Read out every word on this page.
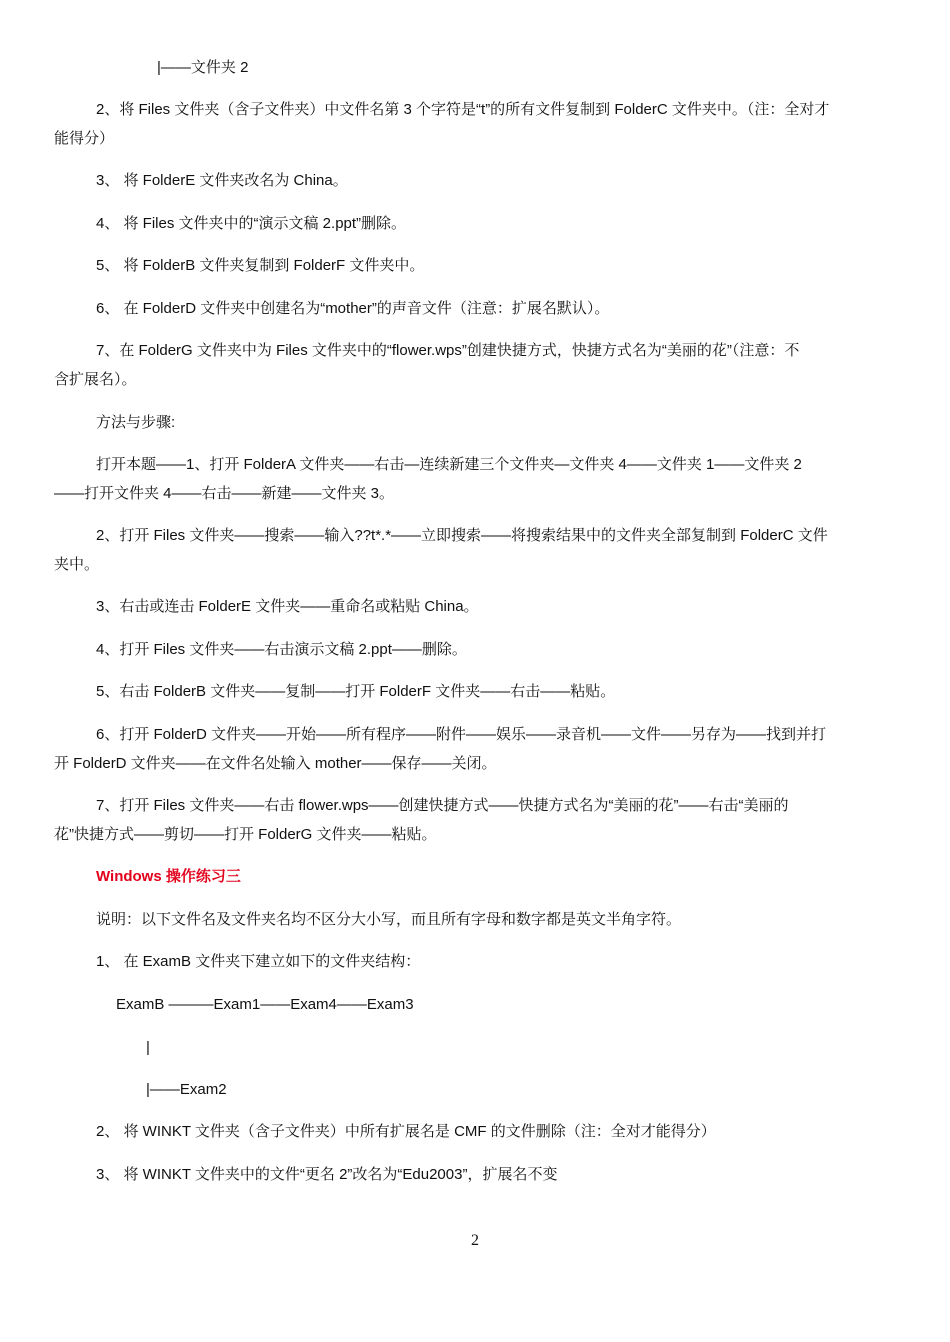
|——文件夹 2
2、将 Files 文件夹（含子文件夹）中文件名第 3 个字符是“t”的所有文件复制到 FolderC 文件夹中。（注：全对才
能得分）
3、 将 FolderE 文件夹改名为 China。
4、 将 Files 文件夹中的“演示文稿 2.ppt”删除。
5、 将 FolderB 文件夹复制到 FolderF 文件夹中。
6、 在 FolderD 文件夹中创建名为“mother”的声音文件（注意：扩展名默认）。
7、在 FolderG 文件夹中为 Files 文件夹中的“flower.wps”创建快捷方式，快捷方式名为“美丽的花”（注意：不
含扩展名）。
方法与步骤:
打开本题——1、打开 FolderA 文件夹——右击—连续新建三个文件夹—文件夹 4——文件夹 1——文件夹 2
——打开文件夹 4——右击——新建——文件夹 3。
2、打开 Files 文件夹——搜索——输入??t*.*——立即搜索——将搜索结果中的文件夹全部复制到 FolderC 文件
夹中。
3、右击或连击 FolderE 文件夹——重命名或粘贴 China。
4、打开 Files 文件夹——右击演示文稿 2.ppt——删除。
5、右击 FolderB 文件夹——复制——打开 FolderF 文件夹——右击——粘贴。
6、打开 FolderD 文件夹——开始——所有程序——附件——娱乐——录音机——文件——另存为——找到并打
开 FolderD 文件夹——在文件名处输入 mother——保存——关闭。
7、打开 Files 文件夹——右击 flower.wps——创建快捷方式——快捷方式名为“美丽的花”——右击“美丽的
花”快捷方式——剪切——打开 FolderG 文件夹——粘贴。
Windows 操作练习三
说明：以下文件名及文件夹名均不区分大小写，而且所有字母和数字都是英文半角字符。
1、 在 ExamB 文件夹下建立如下的文件夹结构：
ExamB ———Exam1——Exam4——Exam3
|
|——Exam2
2、 将 WINKT 文件夹（含子文件夹）中所有扩展名是 CMF 的文件删除（注：全对才能得分）
3、 将 WINKT 文件夹中的文件“更名 2”改名为“Edu2003”，扩展名不变
2
